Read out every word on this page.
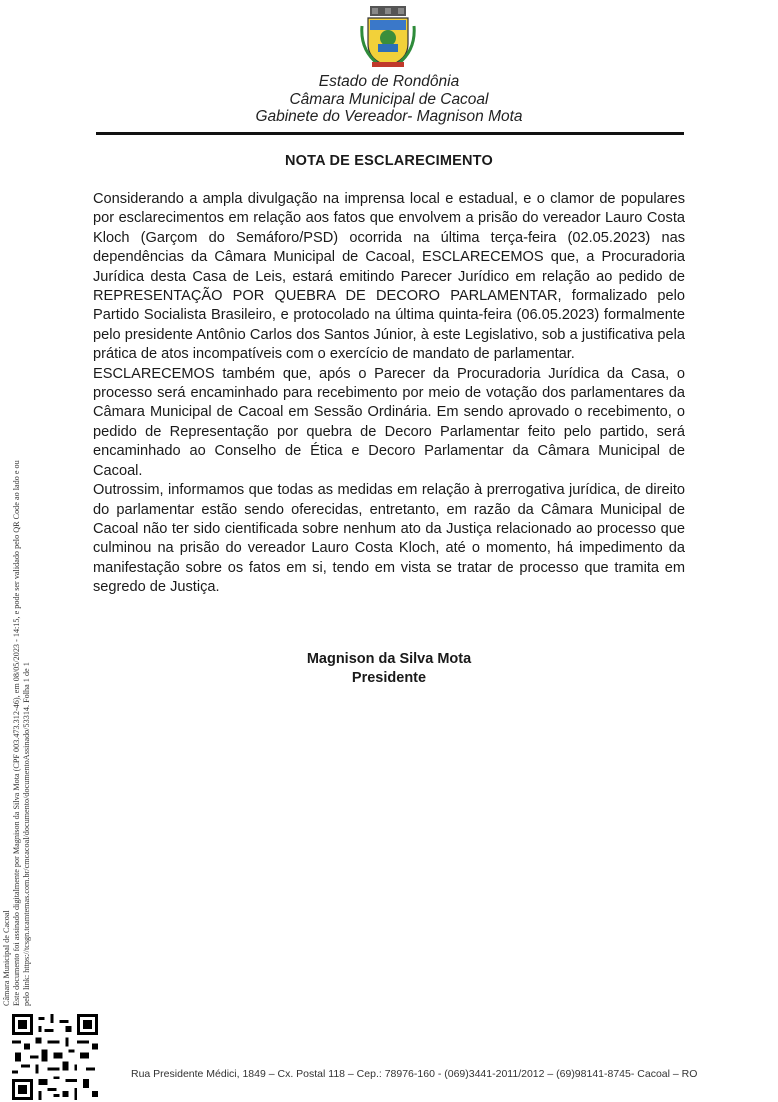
Estado de Rondônia
Câmara Municipal de Cacoal
Gabinete do Vereador- Magnison Mota
NOTA DE ESCLARECIMENTO

Considerando a ampla divulgação na imprensa local e estadual, e o clamor de populares por esclarecimentos em relação aos fatos que envolvem a prisão do vereador Lauro Costa Kloch (Garçom do Semáforo/PSD) ocorrida na última terça-feira (02.05.2023) nas dependências da Câmara Municipal de Cacoal, ESCLARECEMOS que, a Procuradoria Jurídica desta Casa de Leis, estará emitindo Parecer Jurídico em relação ao pedido de REPRESENTAÇÃO POR QUEBRA DE DECORO PARLAMENTAR, formalizado pelo Partido Socialista Brasileiro, e protocolado na última quinta-feira (06.05.2023) formalmente pelo presidente Antônio Carlos dos Santos Júnior, à este Legislativo, sob a justificativa pela prática de atos incompatíveis com o exercício de mandato de parlamentar.

ESCLARECEMOS também que, após o Parecer da Procuradoria Jurídica da Casa, o processo será encaminhado para recebimento por meio de votação dos parlamentares da Câmara Municipal de Cacoal em Sessão Ordinária. Em sendo aprovado o recebimento, o pedido de Representação por quebra de Decoro Parlamentar feito pelo partido, será encaminhado ao Conselho de Ética e Decoro Parlamentar da Câmara Municipal de Cacoal.

Outrossim, informamos que todas as medidas em relação à prerrogativa jurídica, de direito do parlamentar estão sendo oferecidas, entretanto, em razão da Câmara Municipal de Cacoal não ter sido cientificada sobre nenhum ato da Justiça relacionado ao processo que culminou na prisão do vereador Lauro Costa Kloch, até o momento, há impedimento da manifestação sobre os fatos em si, tendo em vista se tratar de processo que tramita em segredo de Justiça.

Magnison da Silva Mota
Presidente
Câmara Municipal de Cacoal Este documento foi assinado digitalmente por Magnison da Silva Mota (CPF 003.473.312-46), em 08/05/2023 - 14:15, e pode ser validado pelo QR Code ao lado e ou pelo link: https://tcsgn.tcamtemas.com.br/cmcacoal/documento/documentoAssinado/53314. Folha 1 de 1
Rua Presidente Médici, 1849 – Cx. Postal 118 – Cep.: 78976-160 - (069)3441-2011/2012 – (69)98141-8745- Cacoal – RO
